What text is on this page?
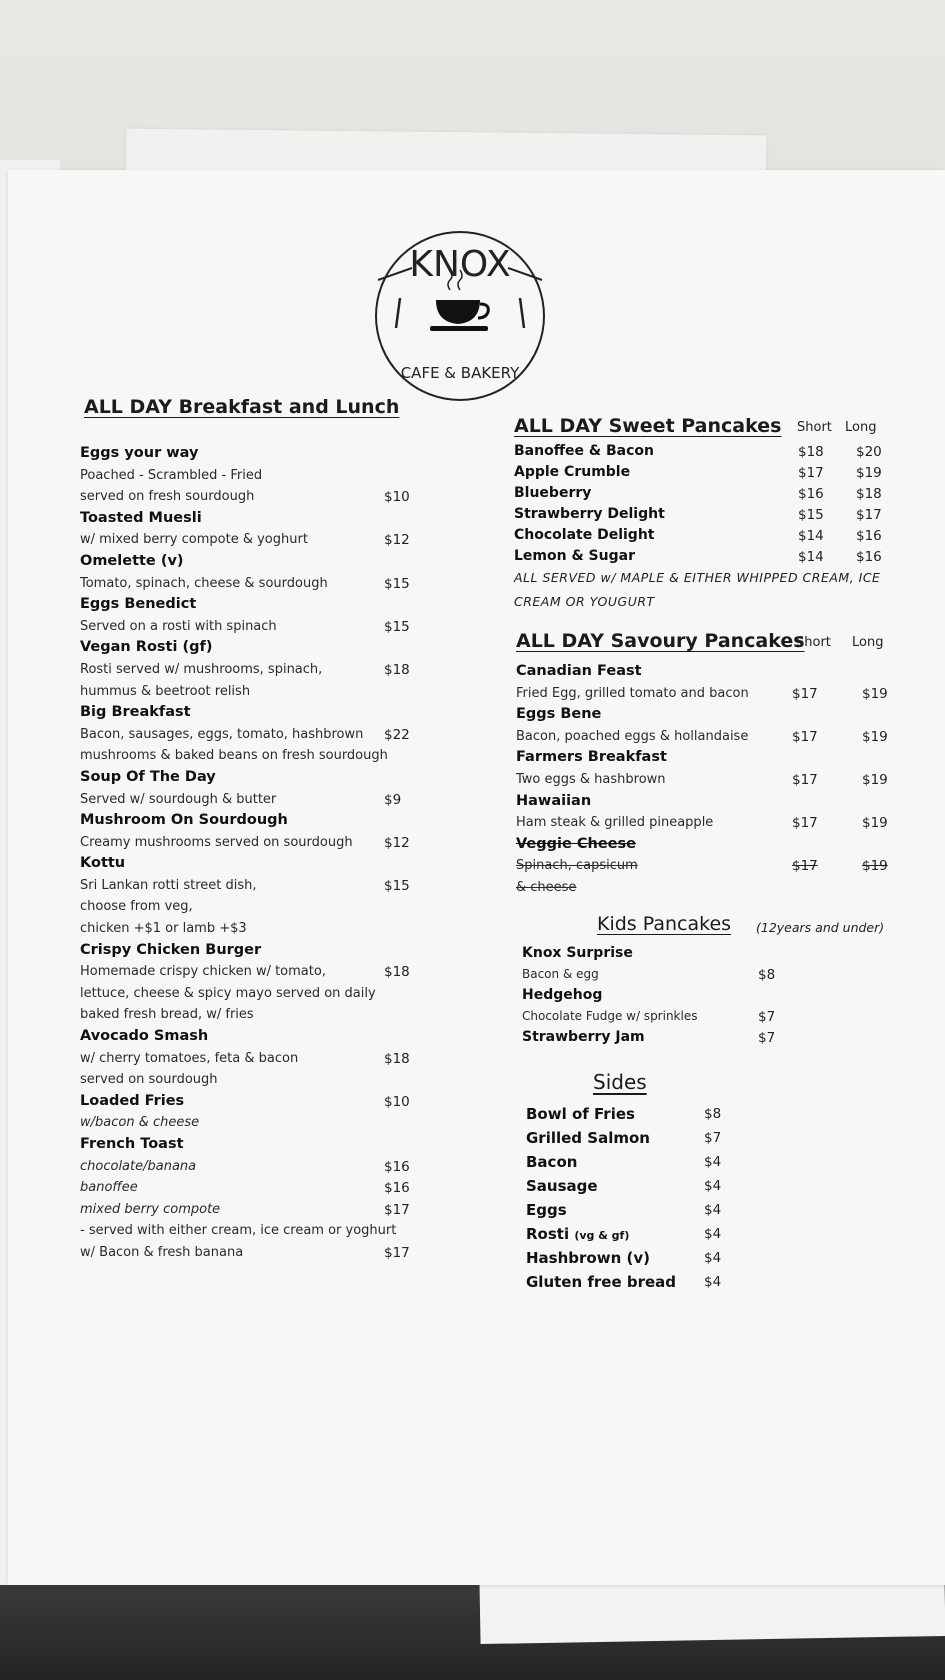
KNOX
CAFE & BAKERY
ALL DAY Breakfast and Lunch
Eggs your way
Poached - Scrambled - Fried
served on fresh sourdough	$10
Toasted Muesli
w/ mixed berry compote & yoghurt	$12
Omelette (v)
Tomato, spinach, cheese & sourdough	$15
Eggs Benedict
Served on a rosti with spinach	$15
Vegan Rosti (gf)
Rosti served w/ mushrooms, spinach,	$18
hummus & beetroot relish
Big Breakfast
Bacon, sausages, eggs, tomato, hashbrown $22
mushrooms & baked beans on fresh sourdough
Soup Of The Day
Served w/ sourdough & butter	$9
Mushroom On Sourdough
Creamy mushrooms served on sourdough $12
Kottu
Sri Lankan rotti street dish,	$15
choose from veg,
chicken +$1 or lamb +$3
Crispy Chicken Burger
Homemade crispy chicken w/ tomato,	$18
lettuce, cheese & spicy mayo served on daily
baked fresh bread, w/ fries
Avocado Smash
w/ cherry tomatoes, feta & bacon	$18
served on sourdough
Loaded Fries	$10
w/bacon & cheese
French Toast
chocolate/banana	$16
banoffee	$16
mixed berry compote	$17
- served with either cream, ice cream or yoghurt
w/ Bacon & fresh banana	$17
ALL DAY Sweet Pancakes Short Long
Banoffee & Bacon	$18 $20
Apple Crumble	$17 $19
Blueberry	$16 $18
Strawberry Delight	$15 $17
Chocolate Delight	$14 $16
Lemon & Sugar	$14 $16
ALL SERVED w/ MAPLE & EITHER WHIPPED CREAM, ICE
CREAM OR YOUGURT
ALL DAY Savoury Pancakes
Short Long
Canadian Feast
Fried Egg, grilled tomato and bacon	$17	$19
Eggs Bene
Bacon, poached eggs & hollandaise	$17	$19
Farmers Breakfast
Two eggs & hashbrown	$17	$19
Hawaiian
Ham steak & grilled pineapple	$17	$19
Veggie Cheese
Spinach, capsicum	$17	$19
& cheese
Kids Pancakes (12years and under)
Knox Surprise
Bacon & egg	$8
Hedgehog
Chocolate Fudge w/ sprinkles	$7
Strawberry Jam	$7
Sides
Bowl of Fries	$8
Grilled Salmon	$7
Bacon	$4
Sausage	$4
Eggs	$4
Rosti (vg & gf)	$4
Hashbrown (v)	$4
Gluten free bread $4
